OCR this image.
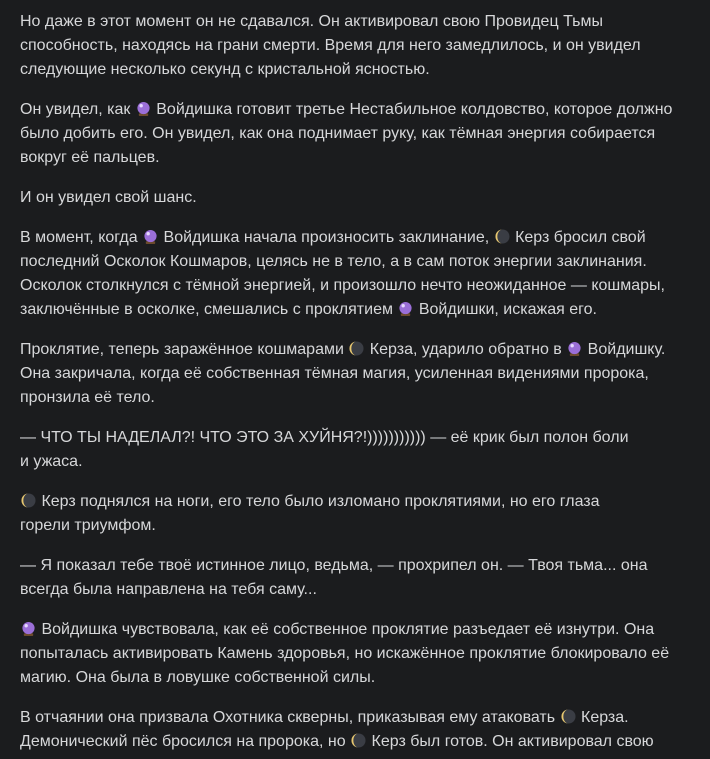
Но даже в этот момент он не сдавался. Он активировал свою Провидец Тьмы
способность, находясь на грани смерти. Время для него замедлилось, и он увидел
следующие несколько секунд с кристальной ясностью.

Он увидел, как
Войдишка готовит третье Нестабильное колдовство, которое должно
было добить его. Он увидел, как она поднимает руку, как тёмная энергия собирается
вокруг её пальцев.

И он увидел свой шанс.

В момент, когда
Войдишка начала произносить заклинание,
Керз бросил свой
последний Осколок Кошмаров, целясь не в тело, а в сам поток энергии заклинания.
Осколок столкнулся с тёмной энергией, и произошло нечто неожиданное — кошмары,
заключённые в осколке, смешались с проклятием
Войдишки, искажая его.

Проклятие, теперь заражённое кошмарами
Керза, ударило обратно в
Войдишку.
Она закричала, когда её собственная тёмная магия, усиленная видениями пророка,
пронзила её тело.

— ЧТО ТЫ НАДЕЛАЛ?! ЧТО ЭТО ЗА ХУЙНЯ?!))))))))))) — её крик был полон боли
и ужаса.

Керз поднялся на ноги, его тело было изломано проклятиями, но его глаза
горели триумфом.

— Я показал тебе твоё истинное лицо, ведьма, — прохрипел он. — Твоя тьма... она
всегда была направлена на тебя саму...

Войдишка чувствовала, как её собственное проклятие разъедает её изнутри. Она
попыталась активировать Камень здоровья, но искажённое проклятие блокировало её
магию. Она была в ловушке собственной силы.

В отчаянии она призвала Охотника скверны, приказывая ему атаковать
Керза.
Демонический пёс бросился на пророка, но
Керз был готов. Он активировал свою
